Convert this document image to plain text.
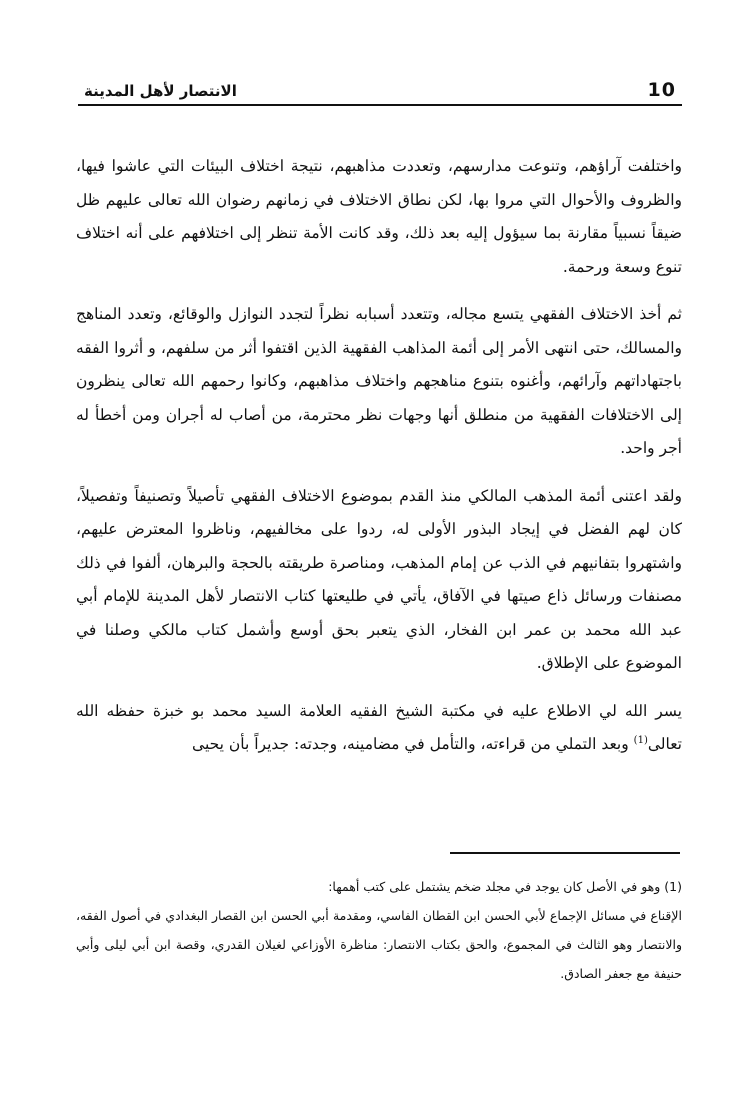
10
الانتصار لأهل المدينة

واختلفت آراؤهم، وتنوعت مدارسهم، وتعددت مذاهبهم، نتيجة اختلاف البيئات التي عاشوا فيها، والظروف والأحوال التي مروا بها، لكن نطاق الاختلاف في زمانهم رضوان الله تعالى عليهم ظل ضيقاً نسبياً مقارنة بما سيؤول إليه بعد ذلك، وقد كانت الأمة تنظر إلى اختلافهم على أنه اختلاف تنوع وسعة ورحمة.

ثم أخذ الاختلاف الفقهي يتسع مجاله، وتتعدد أسبابه نظراً لتجدد النوازل والوقائع، وتعدد المناهج والمسالك، حتى انتهى الأمر إلى أئمة المذاهب الفقهية الذين اقتفوا أثر من سلفهم، و أثروا الفقه باجتهاداتهم وآرائهم، وأغنوه بتنوع مناهجهم واختلاف مذاهبهم، وكانوا رحمهم الله تعالى ينظرون إلى الاختلافات الفقهية من منطلق أنها وجهات نظر محترمة، من أصاب له أجران ومن أخطأ له أجر واحد.

ولقد اعتنى أئمة المذهب المالكي منذ القدم بموضوع الاختلاف الفقهي تأصيلاً وتصنيفاً وتفصيلاً، كان لهم الفضل في إيجاد البذور الأولى له، ردوا على مخالفيهم، وناظروا المعترض عليهم، واشتهروا بتفانيهم في الذب عن إمام المذهب، ومناصرة طريقته بالحجة والبرهان، ألفوا في ذلك مصنفات ورسائل ذاع صيتها في الآفاق، يأتي في طليعتها كتاب الانتصار لأهل المدينة للإمام أبي عبد الله محمد بن عمر ابن الفخار، الذي يتعبر بحق أوسع وأشمل كتاب مالكي وصلنا في الموضوع على الإطلاق.

يسر الله لي الاطلاع عليه في مكتبة الشيخ الفقيه العلامة السيد محمد بو خبزة حفظه الله تعالى$^{(1)}$ وبعد التملي من قراءته، والتأمل في مضامينه، وجدته: جديراً بأن يحيى

(1) وهو في الأصل كان يوجد في مجلد ضخم يشتمل على كتب أهمها:

الإقناع في مسائل الإجماع لأبي الحسن ابن القطان الفاسي، ومقدمة أبي الحسن ابن القصار البغدادي في أصول الفقه، والانتصار وهو الثالث في المجموع، والحق بكتاب الانتصار: مناظرة الأوزاعي لغيلان القدري، وقصة ابن أبي ليلى وأبي حنيفة مع جعفر الصادق.
